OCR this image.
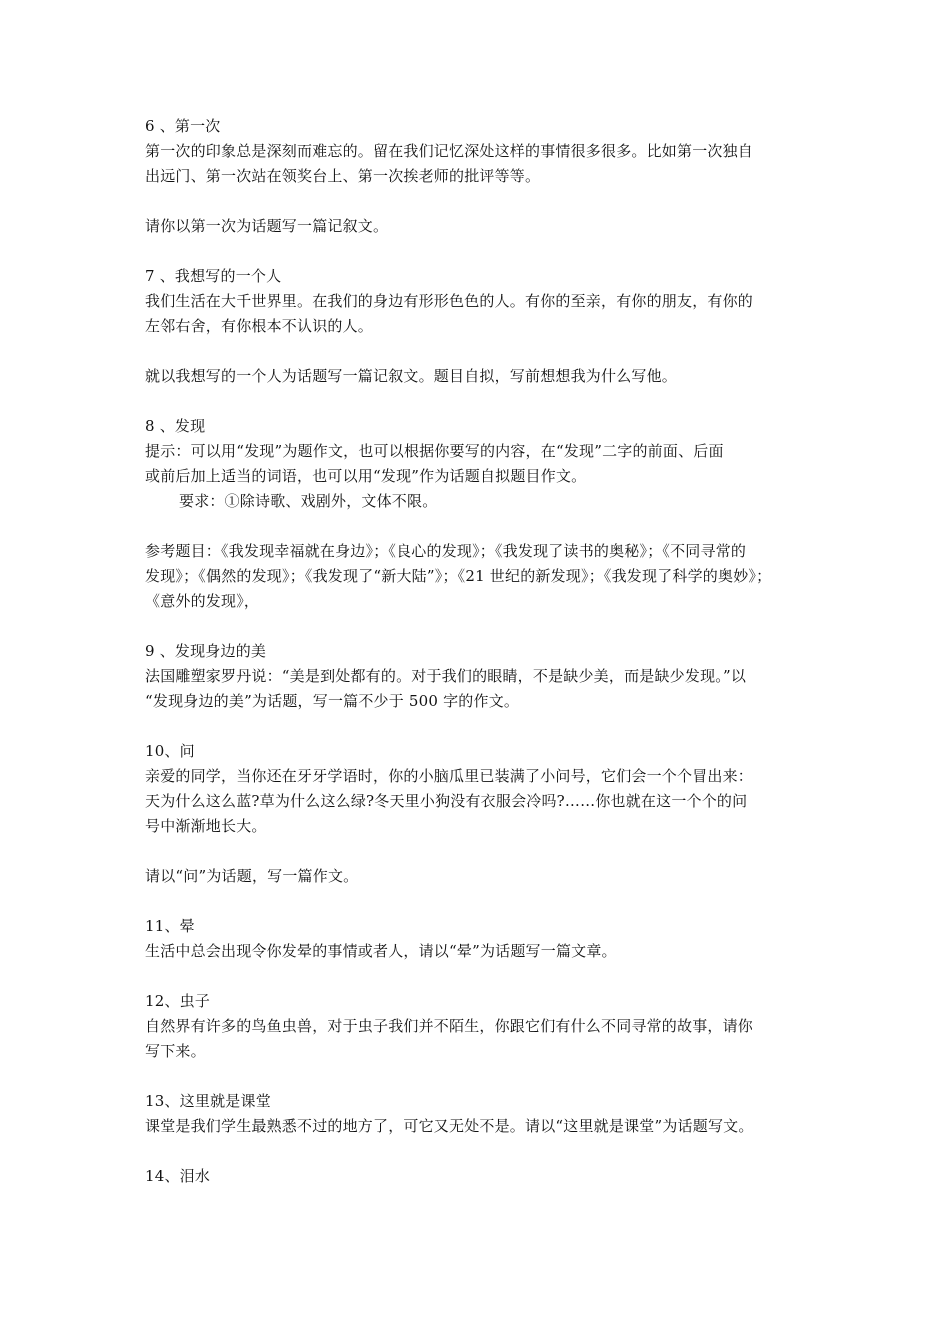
6 、第一次
第一次的印象总是深刻而难忘的。留在我们记忆深处这样的事情很多很多。比如第一次独自
出远门、第一次站在领奖台上、第一次挨老师的批评等等。
请你以第一次为话题写一篇记叙文。
7 、我想写的一个人
我们生活在大千世界里。在我们的身边有形形色色的人。有你的至亲，有你的朋友，有你的
左邻右舍，有你根本不认识的人。
就以我想写的一个人为话题写一篇记叙文。题目自拟，写前想想我为什么写他。
8 、发现
提示：可以用“发现”为题作文，也可以根据你要写的内容，在“发现”二字的前面、后面
或前后加上适当的词语，也可以用“发现”作为话题自拟题目作文。
要求：①除诗歌、戏剧外，文体不限。
参考题目：《我发现幸福就在身边》；《良心的发现》；《我发现了读书的奥秘》；《不同寻常的
发现》；《偶然的发现》；《我发现了“新大陆”》；《21 世纪的新发现》；《我发现了科学的奥妙》；
《意外的发现》，
9 、发现身边的美
法国雕塑家罗丹说：“美是到处都有的。对于我们的眼睛，不是缺少美，而是缺少发现。”以
“发现身边的美”为话题，写一篇不少于 500 字的作文。
10、问
亲爱的同学，当你还在牙牙学语时，你的小脑瓜里已装满了小问号，它们会一个个冒出来：
天为什么这么蓝?草为什么这么绿?冬天里小狗没有衣服会冷吗?……你也就在这一个个的问
号中渐渐地长大。
请以“问”为话题，写一篇作文。
11、晕
生活中总会出现令你发晕的事情或者人，请以“晕”为话题写一篇文章。
12、虫子
自然界有许多的鸟鱼虫兽，对于虫子我们并不陌生，你跟它们有什么不同寻常的故事，请你
写下来。
13、这里就是课堂
课堂是我们学生最熟悉不过的地方了，可它又无处不是。请以“这里就是课堂”为话题写文。
14、泪水
